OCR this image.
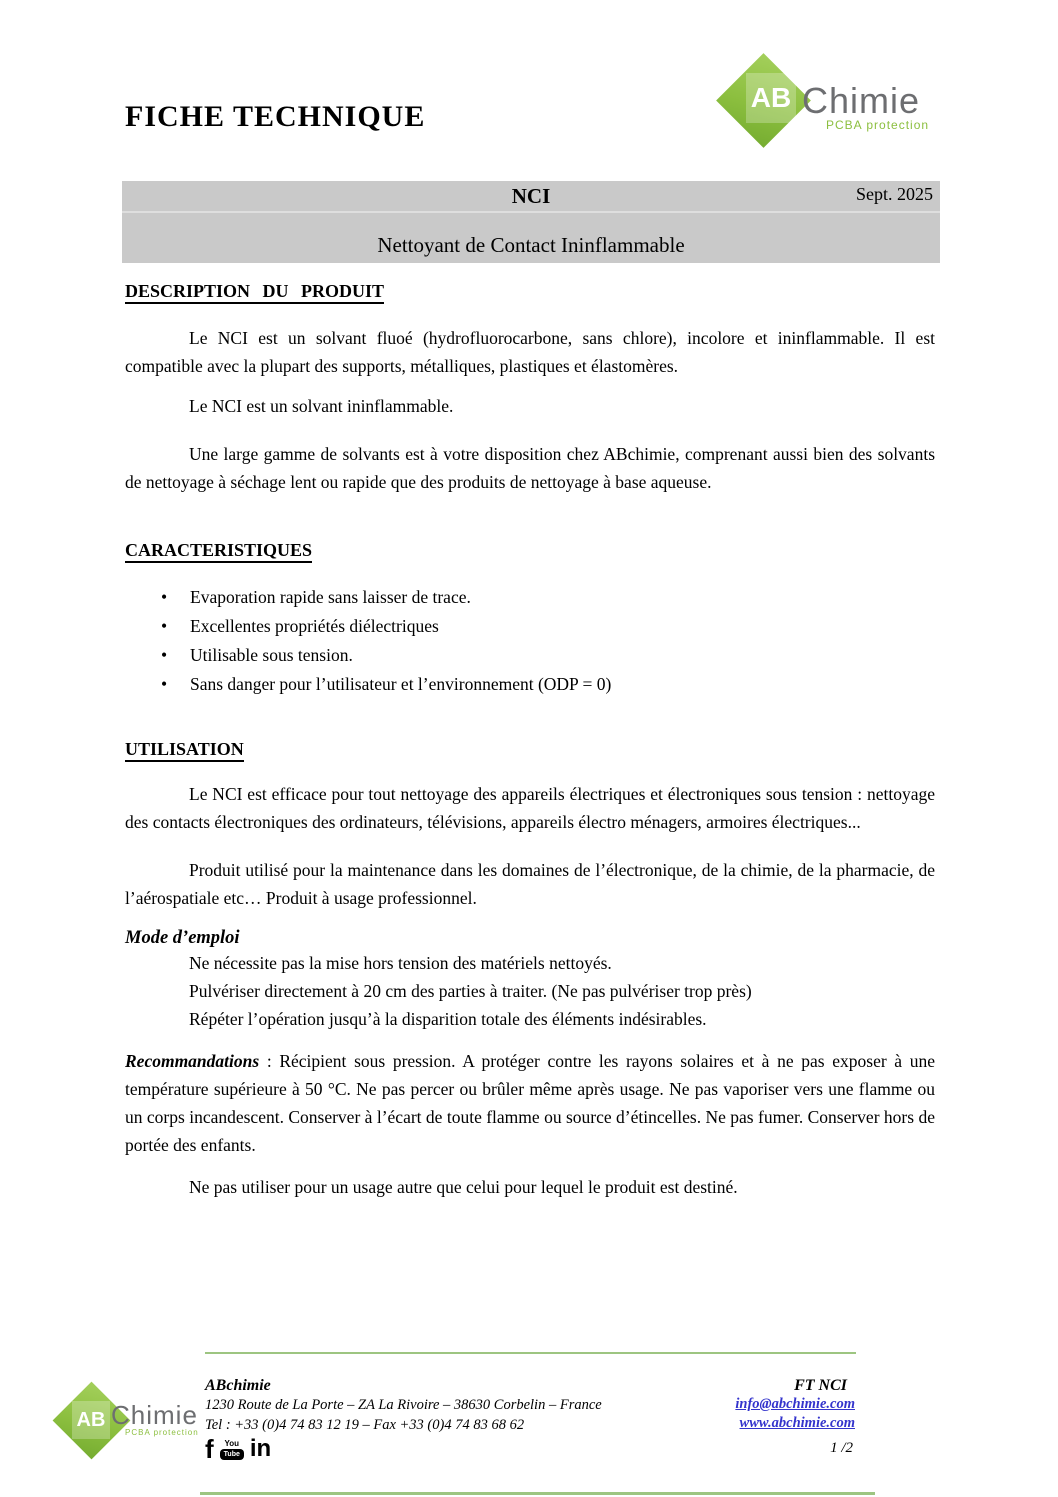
FICHE TECHNIQUE
AB Chimie
PCBA protection
NCI	Sept. 2025
Nettoyant de Contact Ininflammable
DESCRIPTION DU PRODUIT

Le NCI est un solvant fluoé (hydrofluorocarbone, sans chlore), incolore et ininflammable. Il est compatible avec la plupart des supports, métalliques, plastiques et élastomères.

Le NCI est un solvant ininflammable.

Une large gamme de solvants est à votre disposition chez ABchimie, comprenant aussi bien des solvants de nettoyage à séchage lent ou rapide que des produits de nettoyage à base aqueuse.

CARACTERISTIQUES
• Evaporation rapide sans laisser de trace.
• Excellentes propriétés diélectriques
• Utilisable sous tension.
• Sans danger pour l’utilisateur et l’environnement (ODP = 0)
UTILISATION

Le NCI est efficace pour tout nettoyage des appareils électriques et électroniques sous tension : nettoyage des contacts électroniques des ordinateurs, télévisions, appareils électro ménagers, armoires électriques...

Produit utilisé pour la maintenance dans les domaines de l’électronique, de la chimie, de la pharmacie, de l’aérospatiale etc… Produit à usage professionnel.

Mode d’emploi
Ne nécessite pas la mise hors tension des matériels nettoyés.
Pulvériser directement à 20 cm des parties à traiter. (Ne pas pulvériser trop près)
Répéter l’opération jusqu’à la disparition totale des éléments indésirables.

Recommandations : Récipient sous pression. A protéger contre les rayons solaires et à ne pas exposer à une température supérieure à 50 °C. Ne pas percer ou brûler même après usage. Ne pas vaporiser vers une flamme ou un corps incandescent. Conserver à l’écart de toute flamme ou source d’étincelles. Ne pas fumer. Conserver hors de portée des enfants.

Ne pas utiliser pour un usage autre que celui pour lequel le produit est destiné.

AB Chimie
PCBA protection
ABchimie
1230 Route de La Porte – ZA La Rivoire – 38630 Corbelin – France
Tel : +33 (0)4 74 83 12 19 – Fax +33 (0)4 74 83 68 62
f You
Tube in
FT NCI
info@abchimie.com
www.abchimie.com
1 /2
